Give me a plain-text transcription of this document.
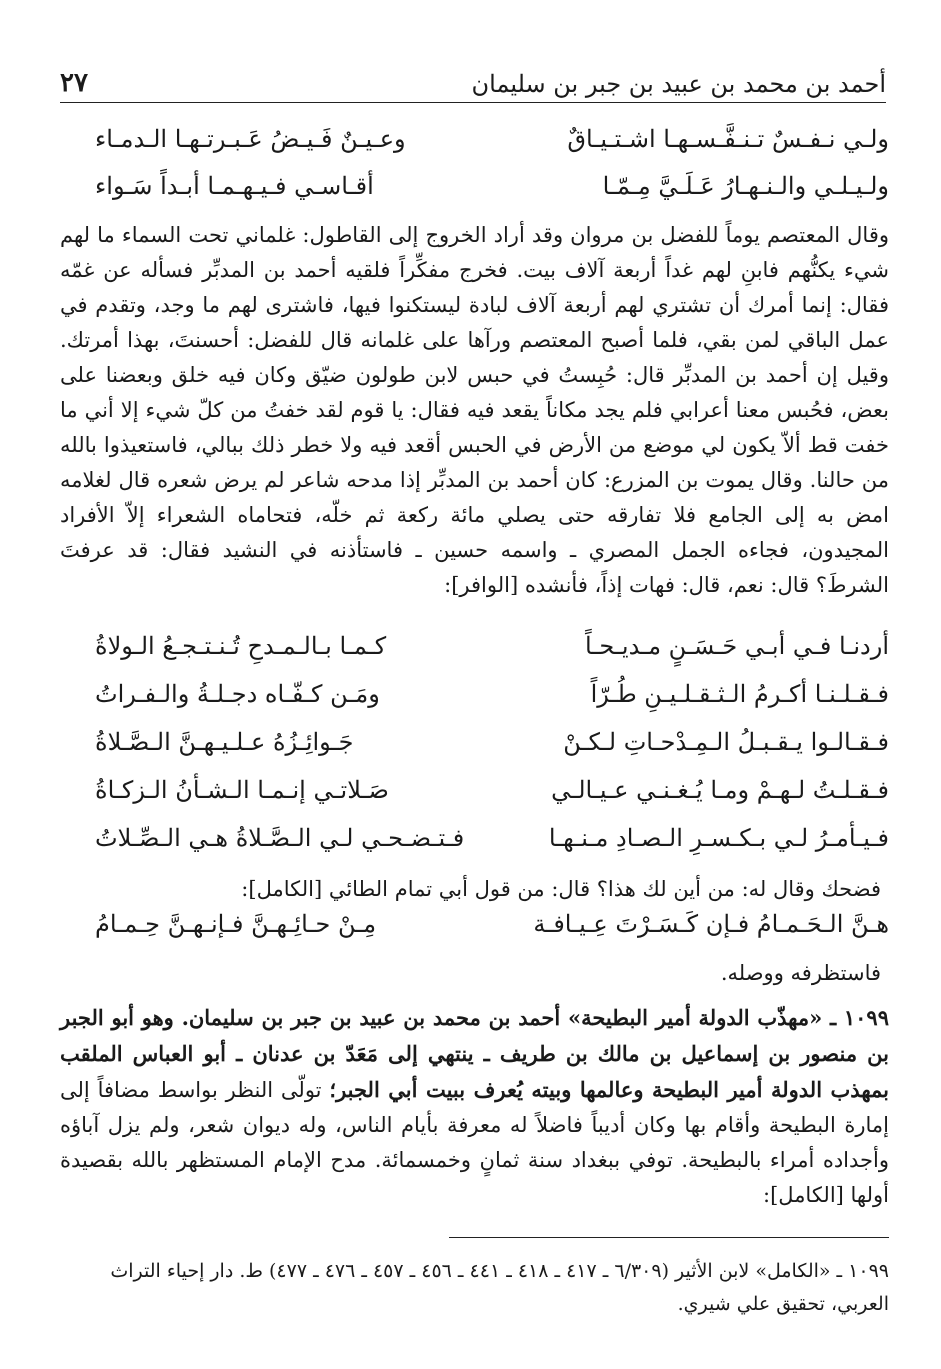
أحمد بن محمد بن عبيد بن جبر بن سليمان
٢٧
ولـي نـفـسٌ تـنـفَّـسـهـا اشـتـيـاقٌ
وعـيـنٌ فَـيـضُ عَـبـرتـهـا الـدمـاء
ولـيـلـي والـنـهـارُ عَـلَـيَّ مِـمّـا
أقـاسـي فـيـهـمـا أبـداً سَـواء

وقال المعتصم يوماً للفضل بن مروان وقد أراد الخروج إلى القاطول: غلماني تحت السماء ما لهم شيء يكنُّهم فابنِ لهم غداً أربعة آلاف بيت. فخرج مفكِّراً فلقيه أحمد بن المدبِّر فسأله عن غمّه فقال: إنما أمرك أن تشتري لهم أربعة آلاف لبادة ليستكنوا فيها، فاشترى لهم ما وجد، وتقدم في عمل الباقي لمن بقي، فلما أصبح المعتصم ورآها على غلمانه قال للفضل: أحسنتَ، بهذا أمرتك. وقيل إن أحمد بن المدبِّر قال: حُبِستُ في حبس لابن طولون ضيّق وكان فيه خلق وبعضنا على بعض، فحُبس معنا أعرابي فلم يجد مكاناً يقعد فيه فقال: يا قوم لقد خفتُ من كلّ شيء إلا أني ما خفت قط ألاّ يكون لي موضع من الأرض في الحبس أقعد فيه ولا خطر ذلك ببالي، فاستعيذوا بالله من حالنا. وقال يموت بن المزرع: كان أحمد بن المدبِّر إذا مدحه شاعر لم يرض شعره قال لغلامه امض به إلى الجامع فلا تفارقه حتى يصلي مائة ركعة ثم خلّه، فتحاماه الشعراء إلاّ الأفراد المجيدون، فجاءه الجمل المصري ـ واسمه حسين ـ فاستأذنه في النشيد فقال: قد عرفتَ الشرطَ؟ قال: نعم، قال: فهات إذاً، فأنشده [الوافر]:

أردنـا فـي أبـي حَـسَـنٍ مـديـحـاً
كـمـا بـالـمـدحِ تُـنـتـجـعُ الـولاةُ
فـقـلـنـا أكـرمُ الـثـقـلـيـنِ طُـرّاً
ومَـن كـفّـاه دجـلـةُ والـفـراتُ
فـقـالـوا يـقـبـلُ الـمِـدْحـاتِ لـكـنْ
جَـوائِـزُهُ عـلـيـهـنَّ الـصَّـلاةُ
فـقـلـتُ لـهـمْ ومـا يُـغـنـي عـيـالـي
صَـلاتـي إنـمـا الـشـأنُ الـزكـاةُ
فـيـأمـرُ لـي بـكـسـرِ الـصـادِ مـنـهـا
فـتـضـحـي لـي الـصَّـلاةُ هـي الـصِّـلاتُ

فضحك وقال له: من أين لك هذا؟ قال: من قول أبي تمام الطائي [الكامل]:

هـنَّ الـحَـمـامُ فـإن كَـسَـرْتَ عِـيـافـة
مِـنْ حـائِـهـنَّ فـإنـهـنَّ حِـمـامُ

فاستظرفه ووصله.

١٠٩٩ ـ «مهذّب الدولة أمير البطيحة» أحمد بن محمد بن عبيد بن جبر بن سليمان. وهو أبو الجبر بن منصور بن إسماعيل بن مالك بن طريف ـ ينتهي إلى مَعَدّ بن عدنان ـ أبو العباس الملقب بمهذب الدولة أمير البطيحة وعالمها وبيته يُعرف ببيت أبي الجبر؛ تولّى النظر بواسط مضافاً إلى إمارة البطيحة وأقام بها وكان أديباً فاضلاً له معرفة بأيام الناس، وله ديوان شعر، ولم يزل آباؤه وأجداده أمراء بالبطيحة. توفي ببغداد سنة ثمانٍ وخمسمائة. مدح الإمام المستظهر بالله بقصيدة أولها [الكامل]:

١٠٩٩ ـ «الكامل» لابن الأثير (٦/٣٠٩ ـ ٤١٧ ـ ٤١٨ ـ ٤٤١ ـ ٤٥٦ ـ ٤٥٧ ـ ٤٧٦ ـ ٤٧٧) ط. دار إحياء التراث العربي، تحقيق علي شيري.
